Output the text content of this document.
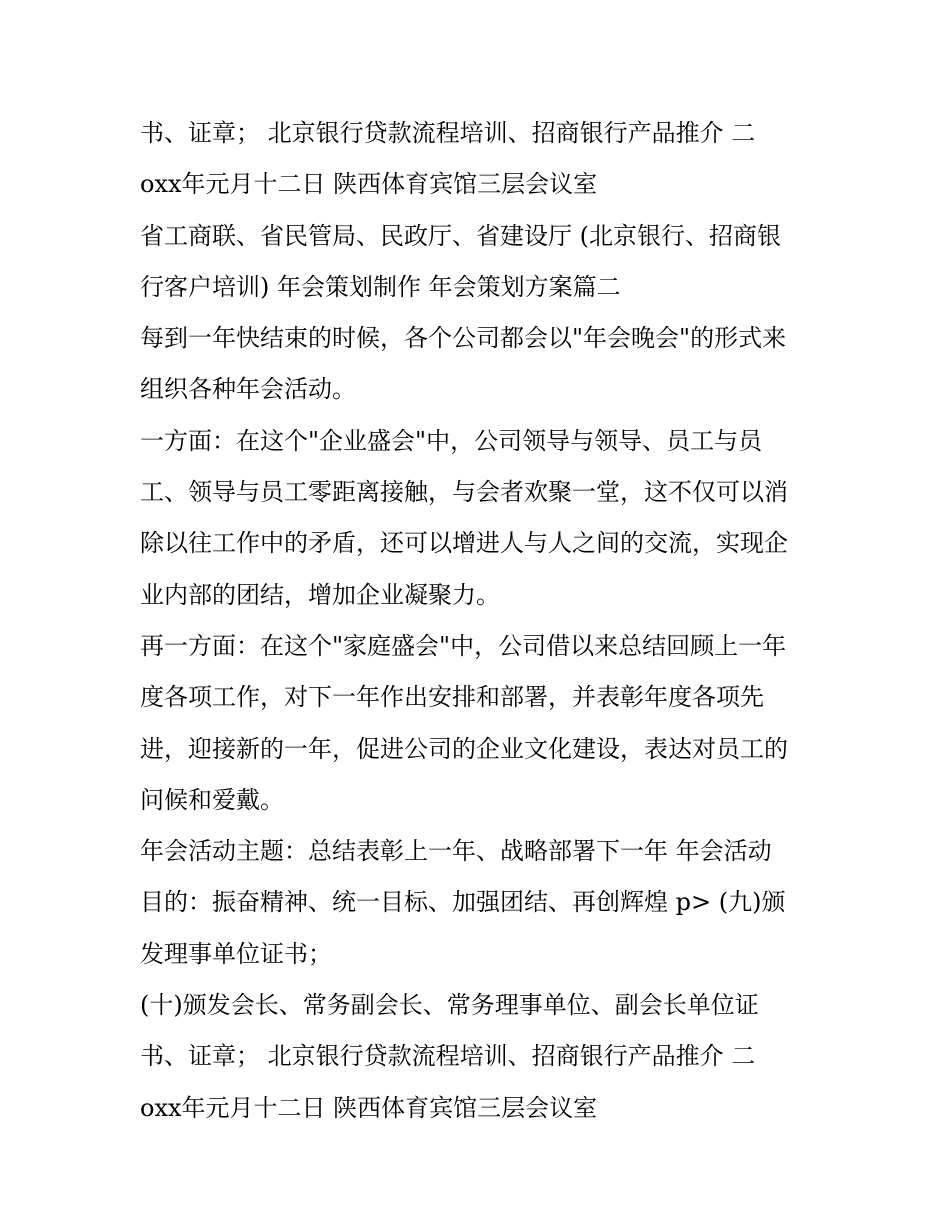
书、证章； 北京银行贷款流程培训、招商银行产品推介 二
oxx年元月十二日 陕西体育宾馆三层会议室
省工商联、省民管局、民政厅、省建设厅 (北京银行、招商银
行客户培训) 年会策划制作 年会策划方案篇二
每到一年快结束的时候，各个公司都会以"年会晚会"的形式来
组织各种年会活动。
一方面：在这个"企业盛会"中，公司领导与领导、员工与员
工、领导与员工零距离接触，与会者欢聚一堂，这不仅可以消
除以往工作中的矛盾，还可以增进人与人之间的交流，实现企
业内部的团结，增加企业凝聚力。
再一方面：在这个"家庭盛会"中，公司借以来总结回顾上一年
度各项工作，对下一年作出安排和部署，并表彰年度各项先
进，迎接新的一年，促进公司的企业文化建设，表达对员工的
问候和爱戴。
年会活动主题：总结表彰上一年、战略部署下一年 年会活动
目的：振奋精神、统一目标、加强团结、再创辉煌 p> (九)颁
发理事单位证书；
(十)颁发会长、常务副会长、常务理事单位、副会长单位证
书、证章； 北京银行贷款流程培训、招商银行产品推介 二
oxx年元月十二日 陕西体育宾馆三层会议室
